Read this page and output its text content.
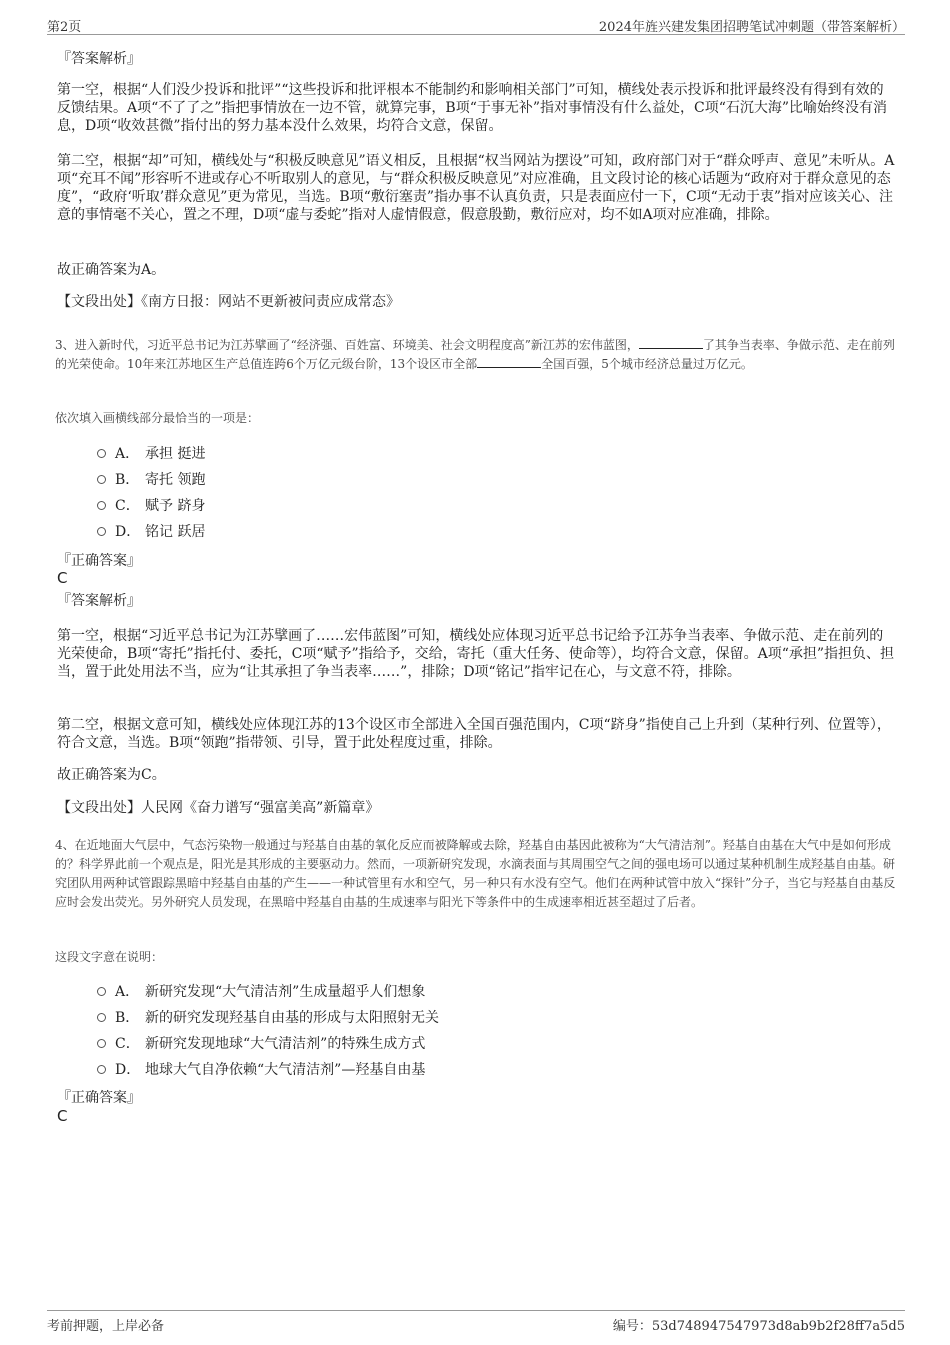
第2页	2024年旌兴建发集团招聘笔试冲刺题（带答案解析）

『答案解析』

第一空，根据“人们没少投诉和批评”“这些投诉和批评根本不能制约和影响相关部门”可知，横线处表示投诉和批评最终没有得到有效的反馈结果。A项“不了了之”指把事情放在一边不管，就算完事，B项“于事无补”指对事情没有什么益处，C项“石沉大海”比喻始终没有消息，D项“收效甚微”指付出的努力基本没什么效果，均符合文意，保留。

第二空，根据“却”可知，横线处与“积极反映意见”语义相反，且根据“权当网站为摆设”可知，政府部门对于“群众呼声、意见”未听从。A项“充耳不闻”形容听不进或存心不听取别人的意见，与“群众积极反映意见”对应准确，且文段讨论的核心话题为“政府对于群众意见的态度”，“政府‘听取’群众意见”更为常见，当选。B项“敷衍塞责”指办事不认真负责，只是表面应付一下，C项“无动于衷”指对应该关心、注意的事情毫不关心，置之不理，D项“虚与委蛇”指对人虚情假意，假意殷勤，敷衍应对，均不如A项对应准确，排除。

故正确答案为A。

【文段出处】《南方日报：网站不更新被问责应成常态》

3、进入新时代，习近平总书记为江苏擘画了“经济强、百姓富、环境美、社会文明程度高”新江苏的宏伟蓝图，	了其争当表率、争做示范、走在前列的光荣使命。10年来江苏地区生产总值连跨6个万亿元级台阶，13个设区市全部	全国百强，5个城市经济总量过万亿元。

依次填入画横线部分最恰当的一项是：

A． 承担 挺进
B． 寄托 领跑
C． 赋予 跻身
D． 铭记 跃居

『正确答案』

C

『答案解析』

第一空，根据“习近平总书记为江苏擘画了……宏伟蓝图”可知，横线处应体现习近平总书记给予江苏争当表率、争做示范、走在前列的光荣使命，B项“寄托”指托付、委托，C项“赋予”指给予，交给，寄托（重大任务、使命等），均符合文意，保留。A项“承担”指担负、担当，置于此处用法不当，应为“让其承担了争当表率……”，排除；D项“铭记”指牢记在心，与文意不符，排除。

第二空，根据文意可知，横线处应体现江苏的13个设区市全部进入全国百强范围内，C项“跻身”指使自己上升到（某种行列、位置等），符合文意，当选。B项“领跑”指带领、引导，置于此处程度过重，排除。

故正确答案为C。

【文段出处】人民网《奋力谱写“强富美高”新篇章》

4、在近地面大气层中，气态污染物一般通过与羟基自由基的氧化反应而被降解或去除，羟基自由基因此被称为“大气清洁剂”。羟基自由基在大气中是如何形成的？科学界此前一个观点是，阳光是其形成的主要驱动力。然而，一项新研究发现，水滴表面与其周围空气之间的强电场可以通过某种机制生成羟基自由基。研究团队用两种试管跟踪黑暗中羟基自由基的产生——一种试管里有水和空气，另一种只有水没有空气。他们在两种试管中放入“探针”分子，当它与羟基自由基反应时会发出荧光。另外研究人员发现，在黑暗中羟基自由基的生成速率与阳光下等条件中的生成速率相近甚至超过了后者。

这段文字意在说明：

A． 新研究发现“大气清洁剂”生成量超乎人们想象
B． 新的研究发现羟基自由基的形成与太阳照射无关
C． 新研究发现地球“大气清洁剂”的特殊生成方式
D． 地球大气自净依赖“大气清洁剂”—羟基自由基

『正确答案』

C

考前押题，上岸必备	编号：53d748947547973d8ab9b2f28ff7a5d5
